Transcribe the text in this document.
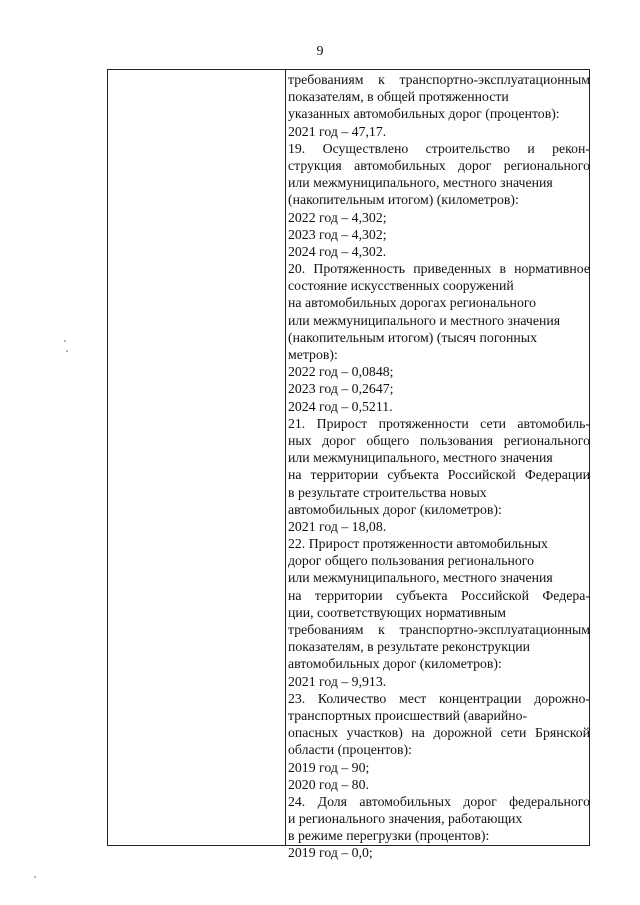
9
требованиям к транспортно-эксплуатационным
показателям, в общей протяженности
указанных автомобильных дорог (процентов):
2021 год – 47,17.
19. Осуществлено строительство и рекон-
струкция автомобильных дорог регионального
или межмуниципального, местного значения
(накопительным итогом) (километров):
2022 год – 4,302;
2023 год – 4,302;
2024 год – 4,302.
20. Протяженность приведенных в нормативное
состояние искусственных сооружений
на автомобильных дорогах регионального
или межмуниципального и местного значения
(накопительным итогом) (тысяч погонных
метров):
2022 год – 0,0848;
2023 год – 0,2647;
2024 год – 0,5211.
21. Прирост протяженности сети автомобиль-
ных дорог общего пользования регионального
или межмуниципального, местного значения
на территории субъекта Российской Федерации
в результате строительства новых
автомобильных дорог (километров):
2021 год – 18,08.
22. Прирост протяженности автомобильных
дорог общего пользования регионального
или межмуниципального, местного значения
на территории субъекта Российской Федера-
ции, соответствующих нормативным
требованиям к транспортно-эксплуатационным
показателям, в результате реконструкции
автомобильных дорог (километров):
2021 год – 9,913.
23. Количество мест концентрации дорожно-
транспортных происшествий (аварийно-
опасных участков) на дорожной сети Брянской
области (процентов):
2019 год – 90;
2020 год – 80.
24. Доля автомобильных дорог федерального
и регионального значения, работающих
в режиме перегрузки (процентов):
2019 год – 0,0;
